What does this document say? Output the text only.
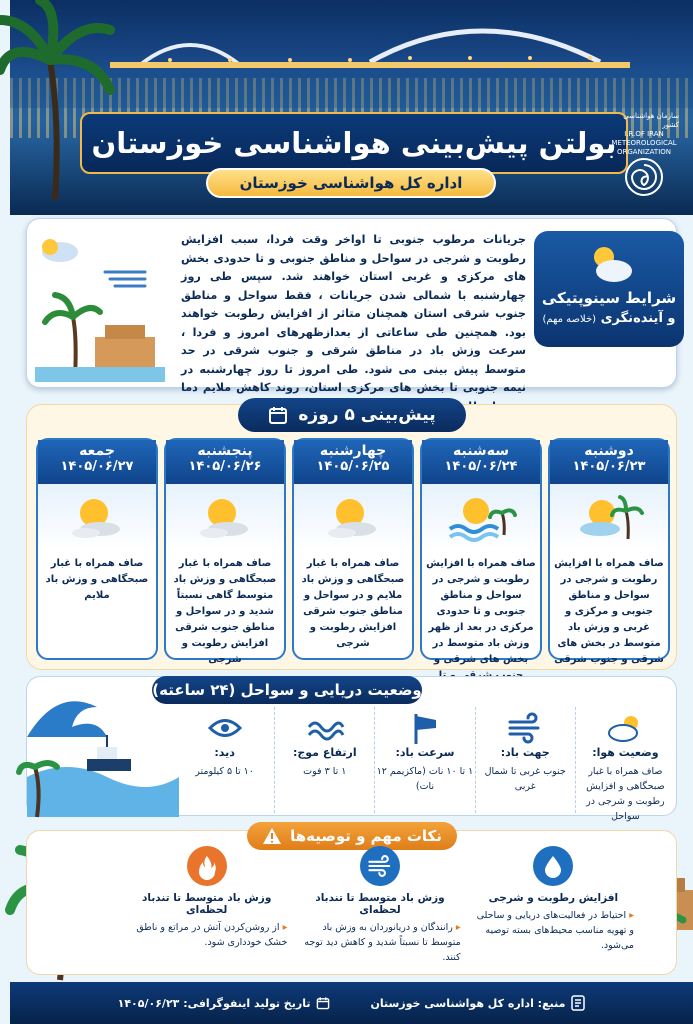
بولتن پیش‌بینی هواشناسی خوزستان
سازمان هواشناسی کشور
I.R.OF IRAN
METEOROLOGICAL
ORGANIZATION
اداره کل هواشناسی خوزستان
شرایط سینوپتیکی
و آینده‌نگری (خلاصه مهم)
جریانات مرطوب جنوبی تا اواخر وقت فردا، سبب افزایش رطوبت و شرجی در سواحل و مناطق جنوبی و تا حدودی بخش های مرکزی و غربی استان خواهند شد. سپس طی روز چهارشنبه با شمالی شدن جریانات ، فقط سواحل و مناطق جنوب شرقی استان همچنان متاثر از افزایش رطوبت خواهند بود. همچنین طی ساعاتی از بعدازظهرهای امروز و فردا ، سرعت وزش باد در مناطق شرقی و جنوب شرقی در حد متوسط پیش بینی می شود. طی امروز تا روز چهارشنبه در نیمه جنوبی تا بخش های مرکزی استان، روند کاهش ملایم دما
پیش‌بینی ۵ روزه
دوشنبه
۱۴۰۵/۰۶/۲۳
صاف همراه با افزایش رطوبت و شرجی در سواحل و مناطق جنوبی و مرکزی و غربی و وزش باد متوسط در بخش های شرقی و جنوب شرقی
سه‌شنبه
۱۴۰۵/۰۶/۲۴
صاف همراه با افزایش رطوبت و شرجی در سواحل و مناطق جنوبی و تا حدودی مرکزی در بعد از ظهر وزش باد متوسط در بخش های شرقی و
چهارشنبه
۱۴۰۵/۰۶/۲۵
صاف همراه با غبار صبحگاهی و وزش باد ملایم و در سواحل و مناطق جنوب شرقی افزایش رطوبت و شرجی
پنجشنبه
۱۴۰۵/۰۶/۲۶
صاف همراه با غبار صبحگاهی و وزش باد متوسط گاهی نسبتاً شدید و در سواحل و مناطق جنوب شرقی افزایش رطوبت و شرجی
جمعه
۱۴۰۵/۰۶/۲۷
صاف همراه با غبار صبحگاهی و وزش باد ملایم
وضعیت هوا:
صاف همراه با غبار صبحگاهی و افزایش رطوبت و شرجی در سواحل
جهت باد:
جنوب غربی تا شمال غربی
سرعت باد:
۱ تا ۱۰ نات (ماکزیمم ۱۲ نات)
ارتفاع موج:
۱ تا ۳ فوت
دید:
۱۰ تا ۵ کیلومتر
وضعیت دریایی و سواحل (۲۴ ساعته)
نکات مهم و توصیه‌ها
افزایش رطوبت و شرجی
▸ احتیاط در فعالیت‌های دریایی و ساحلی و تهویه مناسب محیط‌های بسته توصیه می‌شود.
وزش باد متوسط تا تندباد لحظه‌ای
▸ رانندگان و دریانوردان به وزش باد متوسط تا نسبتاً شدید و کاهش دید توجه کنند.
وزش باد متوسط تا تندباد لحظه‌ای
▸ از روشن‌کردن آتش در مراتع و ناطق خشک خودداری شود.
منبع: اداره کل هواشناسی خوزستان
تاریخ تولید اینفوگرافی: ۱۴۰۵/۰۶/۲۳
